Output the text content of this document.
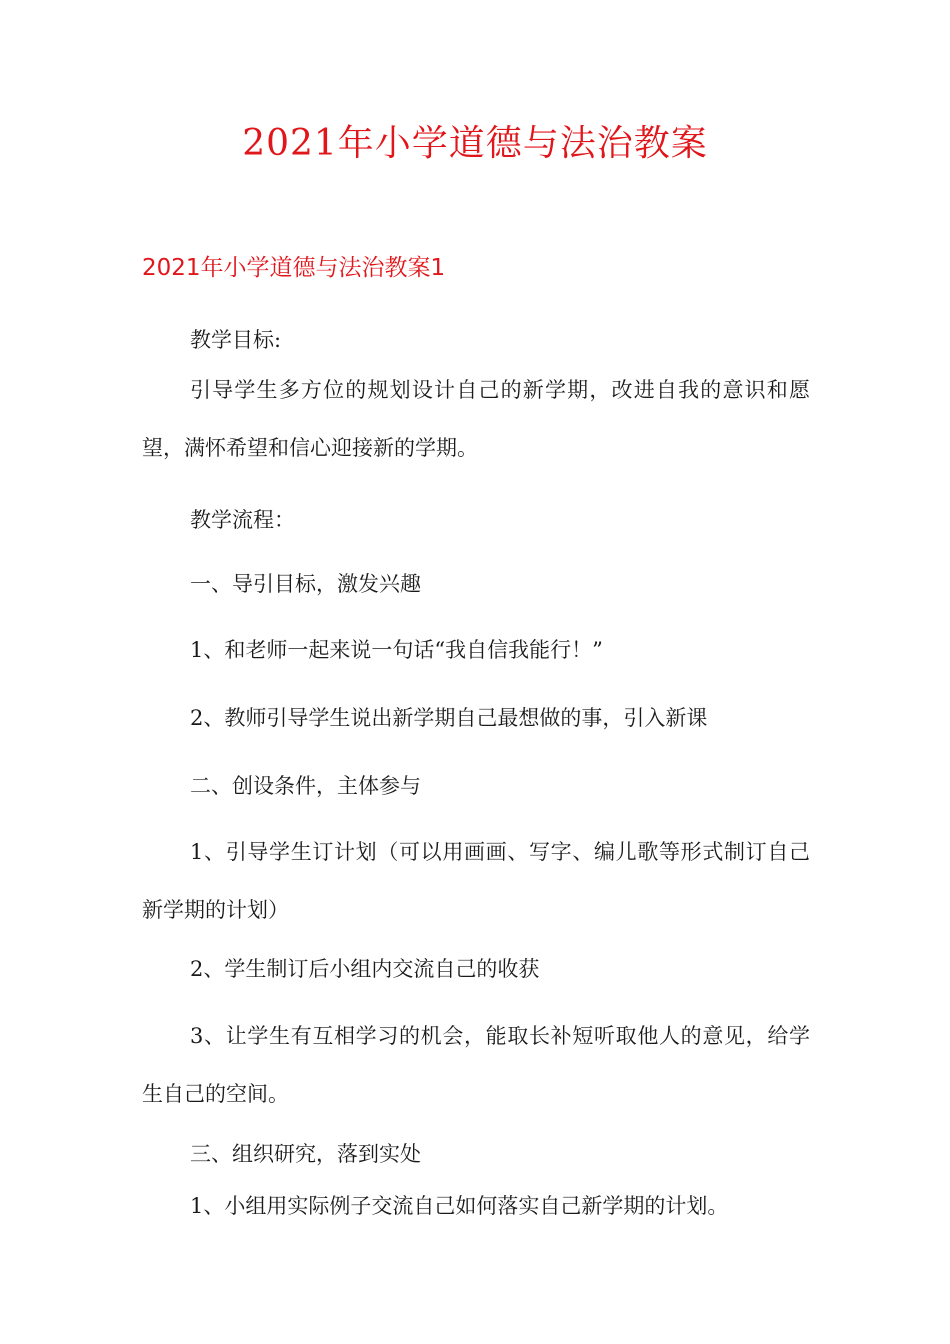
2021年小学道德与法治教案
2021年小学道德与法治教案1

教学目标:

引导学生多方位的规划设计自己的新学期，改进自我的意识和愿望，满怀希望和信心迎接新的学期。

教学流程：

一、导引目标，激发兴趣

1、和老师一起来说一句话“我自信我能行！”

2、教师引导学生说出新学期自己最想做的事，引入新课

二、创设条件，主体参与

1、引导学生订计划（可以用画画、写字、编儿歌等形式制订自己新学期的计划）

2、学生制订后小组内交流自己的收获

3、让学生有互相学习的机会，能取长补短听取他人的意见，给学生自己的空间。

三、组织研究，落到实处

1、小组用实际例子交流自己如何落实自己新学期的计划。
